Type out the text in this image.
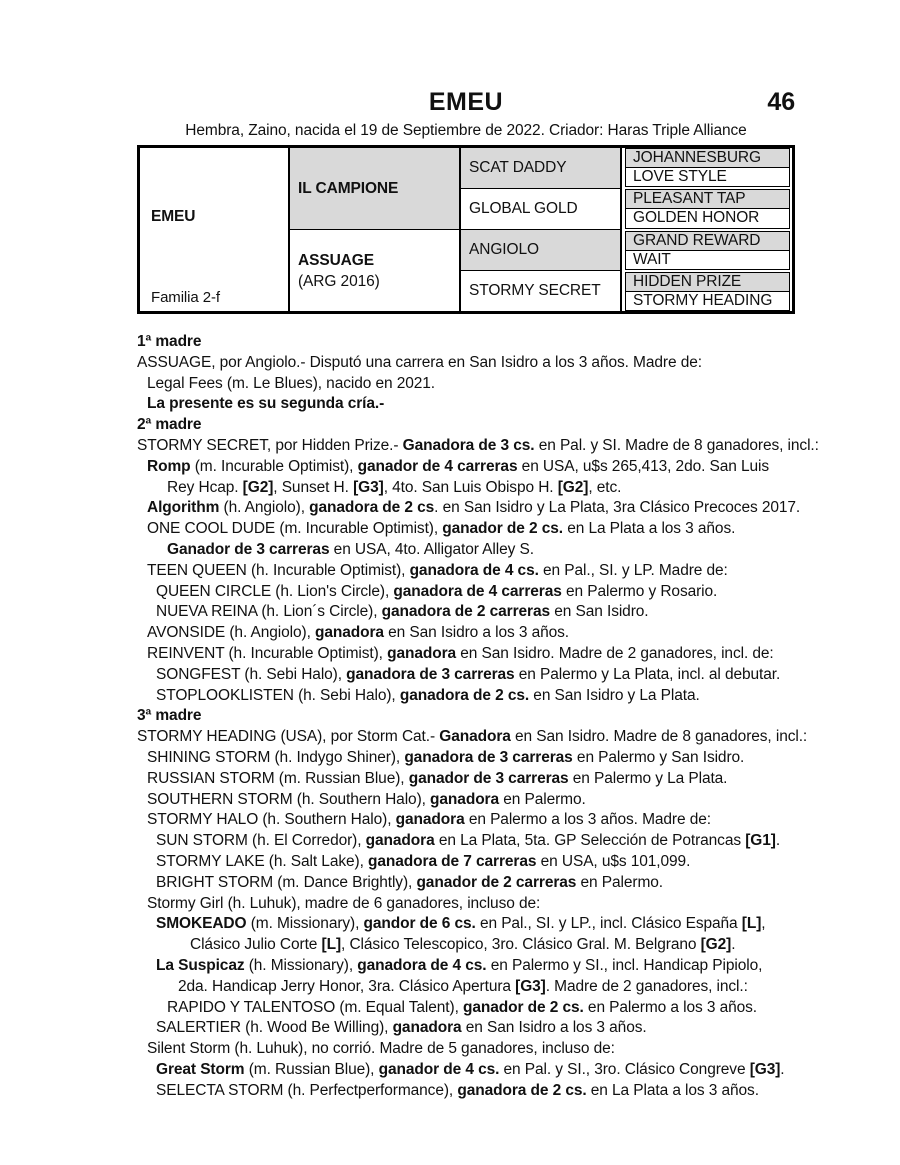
EMEU	46
Hembra, Zaino, nacida el 19 de Septiembre de 2022. Criador: Haras Triple Alliance
EMEU
Familia 2-f
IL CAMPIONE
ASSUAGE
(ARG 2016)
SCAT DADDY
GLOBAL GOLD
ANGIOLO
STORMY SECRET
JOHANNESBURG
LOVE STYLE
PLEASANT TAP
GOLDEN HONOR
GRAND REWARD
WAIT
HIDDEN PRIZE
STORMY HEADING
1ª madre
ASSUAGE, por Angiolo.- Disputó una carrera en San Isidro a los 3 años. Madre de:
Legal Fees (m. Le Blues), nacido en 2021.
La presente es su segunda cría.-
2ª madre
STORMY SECRET, por Hidden Prize.- Ganadora de 3 cs. en Pal. y SI. Madre de 8 ganadores, incl.:
Romp (m. Incurable Optimist), ganador de 4 carreras en USA, u$s 265,413, 2do. San Luis
Rey Hcap. [G2], Sunset H. [G3], 4to. San Luis Obispo H. [G2], etc.
Algorithm (h. Angiolo), ganadora de 2 cs. en San Isidro y La Plata, 3ra Clásico Precoces 2017.
ONE COOL DUDE (m. Incurable Optimist), ganador de 2 cs. en La Plata a los 3 años.
Ganador de 3 carreras en USA, 4to. Alligator Alley S.
TEEN QUEEN (h. Incurable Optimist), ganadora de 4 cs. en Pal., SI. y LP. Madre de:
QUEEN CIRCLE (h. Lion's Circle), ganadora de 4 carreras en Palermo y Rosario.
NUEVA REINA (h. Lion´s Circle), ganadora de 2 carreras en San Isidro.
AVONSIDE (h. Angiolo), ganadora en San Isidro a los 3 años.
REINVENT (h. Incurable Optimist), ganadora en San Isidro. Madre de 2 ganadores, incl. de:
SONGFEST (h. Sebi Halo), ganadora de 3 carreras en Palermo y La Plata, incl. al debutar.
STOPLOOKLISTEN (h. Sebi Halo), ganadora de 2 cs. en San Isidro y La Plata.
3ª madre
STORMY HEADING (USA), por Storm Cat.- Ganadora en San Isidro. Madre de 8 ganadores, incl.:
SHINING STORM (h. Indygo Shiner), ganadora de 3 carreras en Palermo y San Isidro.
RUSSIAN STORM (m. Russian Blue), ganador de 3 carreras en Palermo y La Plata.
SOUTHERN STORM (h. Southern Halo), ganadora en Palermo.
STORMY HALO (h. Southern Halo), ganadora en Palermo a los 3 años. Madre de:
SUN STORM (h. El Corredor), ganadora en La Plata, 5ta. GP Selección de Potrancas [G1].
STORMY LAKE (h. Salt Lake), ganadora de 7 carreras en USA, u$s 101,099.
BRIGHT STORM (m. Dance Brightly), ganador de 2 carreras en Palermo.
Stormy Girl (h. Luhuk), madre de 6 ganadores, incluso de:
SMOKEADO (m. Missionary), gandor de 6 cs. en Pal., SI. y LP., incl. Clásico España [L],
Clásico Julio Corte [L], Clásico Telescopico, 3ro. Clásico Gral. M. Belgrano [G2].
La Suspicaz (h. Missionary), ganadora de 4 cs. en Palermo y SI., incl. Handicap Pipiolo,
2da. Handicap Jerry Honor, 3ra. Clásico Apertura [G3]. Madre de 2 ganadores, incl.:
RAPIDO Y TALENTOSO (m. Equal Talent), ganador de 2 cs. en Palermo a los 3 años.
SALERTIER (h. Wood Be Willing), ganadora en San Isidro a los 3 años.
Silent Storm (h. Luhuk), no corrió. Madre de 5 ganadores, incluso de:
Great Storm (m. Russian Blue), ganador de 4 cs. en Pal. y SI., 3ro. Clásico Congreve [G3].
SELECTA STORM (h. Perfectperformance), ganadora de 2 cs. en La Plata a los 3 años.
